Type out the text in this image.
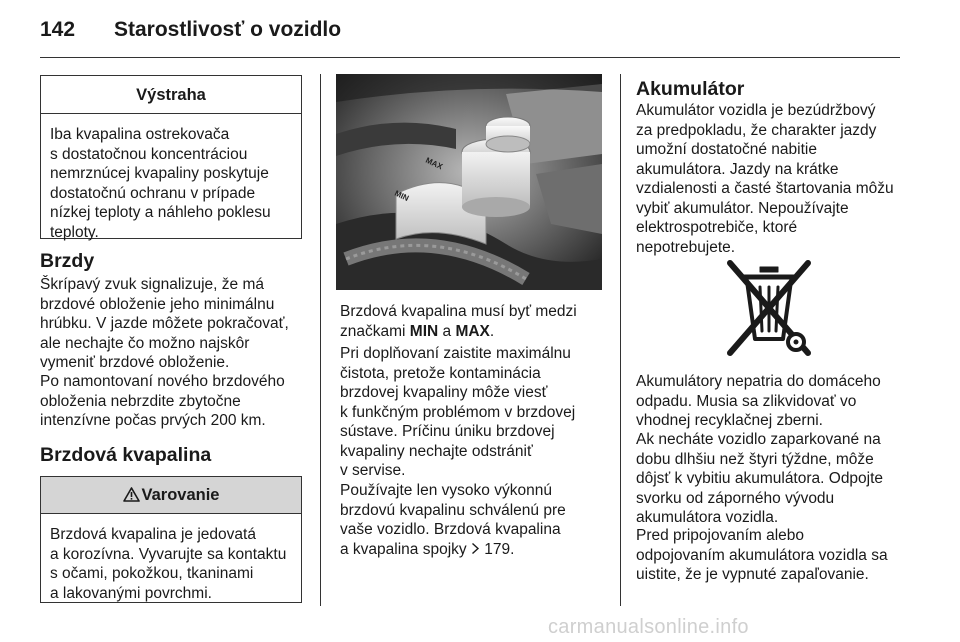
142 Starostlivosť o vozidlo
Výstraha
Iba kvapalina ostrekovača
s dostatočnou koncentráciou
nemrznúcej kvapaliny poskytuje
dostatočnú ochranu v prípade
nízkej teploty a náhleho poklesu
teploty.
Brzdy
Škrípavý zvuk signalizuje, že má
brzdové obloženie jeho minimálnu
hrúbku. V jazde môžete pokračovať,
ale nechajte čo možno najskôr
vymeniť brzdové obloženie.
Po namontovaní nového brzdového
obloženia nebrzdite zbytočne
intenzívne počas prvých 200 km.
Brzdová kvapalina
Varovanie
Brzdová kvapalina je jedovatá
a korozívna. Vyvarujte sa kontaktu
s očami, pokožkou, tkaninami
a lakovanými povrchmi.
MAX
MIN
Brzdová kvapalina musí byť medzi
značkami MIN a MAX.
Pri doplňovaní zaistite maximálnu
čistota, pretože kontaminácia
brzdovej kvapaliny môže viesť
k funkčným problémom v brzdovej
sústave. Príčinu úniku brzdovej
kvapaliny nechajte odstrániť
v servise.
Používajte len vysoko výkonnú
brzdovú kvapalinu schválenú pre
vaše vozidlo. Brzdová kvapalina
a kvapalina spojky  179.
Akumulátor
Akumulátor vozidla je bezúdržbový
za predpokladu, že charakter jazdy
umožní dostatočné nabitie
akumulátora. Jazdy na krátke
vzdialenosti a časté štartovania môžu
vybiť akumulátor. Nepoužívajte
elektrospotrebiče, ktoré
nepotrebujete.
Akumulátory nepatria do domáceho
odpadu. Musia sa zlikvidovať vo
vhodnej recyklačnej zberni.
Ak necháte vozidlo zaparkované na
dobu dlhšiu než štyri týždne, môže
dôjsť k vybitiu akumulátora. Odpojte
svorku od záporného vývodu
akumulátora vozidla.
Pred pripojovaním alebo
odpojovaním akumulátora vozidla sa
uistite, že je vypnuté zapaľovanie.
carmanualsonline.info
